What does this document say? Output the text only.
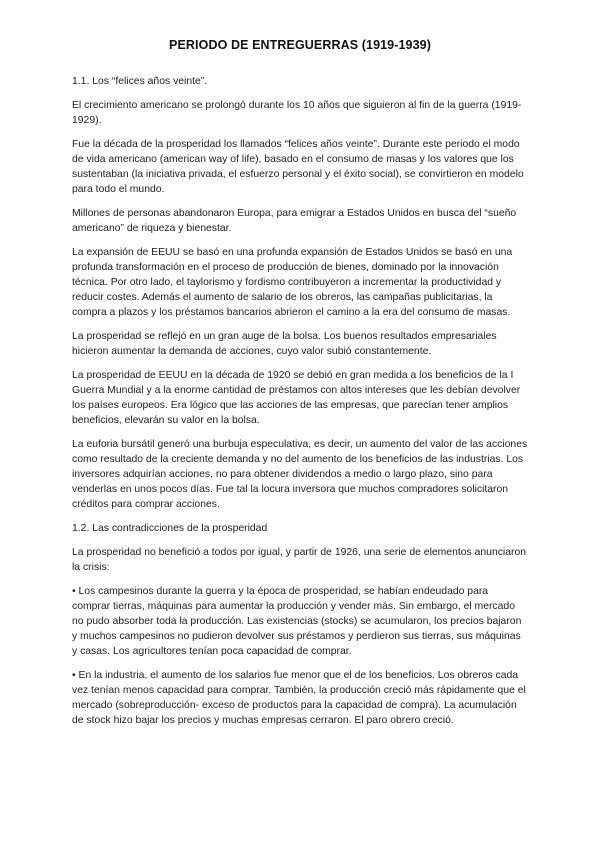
PERIODO DE ENTREGUERRAS (1919-1939)

1.1. Los “felices años veinte”.

El crecimiento americano se prolongó durante los 10 años que siguieron al fin de la guerra (1919-1929).

Fue la década de la prosperidad los llamados “felices años veinte”. Durante este periodo el modo de vida americano (american way of life), basado en el consumo de masas y los valores que los sustentaban (la iniciativa privada, el esfuerzo personal y el éxito social), se convirtieron en modelo para todo el mundo.

Millones de personas abandonaron Europa, para emigrar a Estados Unidos en busca del “sueño americano” de riqueza y bienestar.

La expansión de EEUU se basó en una profunda expansión de Estados Unidos se basó en una profunda transformación en el proceso de producción de bienes, dominado por la innovación técnica. Por otro lado, el taylorismo y fordismo contribuyeron a incrementar la productividad y reducir costes. Además el aumento de salario de los obreros, las campañas publicitarias, la compra a plazos y los préstamos bancarios abrieron el camino a la era del consumo de masas.

La prosperidad se reflejó en un gran auge de la bolsa. Los buenos resultados empresariales hicieron aumentar la demanda de acciones, cuyo valor subió constantemente.

La prosperidad de EEUU en la década de 1920 se debió en gran medida a los beneficios de la I Guerra Mundial y a la enorme cantidad de préstamos con altos intereses que les debían devolver los países europeos. Era lógico que las acciones de las empresas, que parecían tener amplios beneficios, elevarán su valor en la bolsa.

La euforia bursátil generó una burbuja especulativa, es decir, un aumento del valor de las acciones como resultado de la creciente demanda y no del aumento de los beneficios de las industrias. Los inversores adquirían acciones, no para obtener dividendos a medio o largo plazo, sino para venderlas en unos pocos días. Fue tal la locura inversora que muchos compradores solicitaron créditos para comprar acciones.

1.2. Las contradicciones de la prosperidad

La prosperidad no benefició a todos por igual, y partir de 1926, una serie de elementos anunciaron la crisis:

• Los campesinos durante la guerra y la época de prosperidad, se habían endeudado para comprar tierras, máquinas para aumentar la producción y vender más. Sin embargo, el mercado no pudo absorber toda la producción. Las existencias (stocks) se acumularon, los precios bajaron y muchos campesinos no pudieron devolver sus préstamos y perdieron sus tierras, sus máquinas y casas. Los agricultores tenían poca capacidad de comprar.

• En la industria, el aumento de los salarios fue menor que el de los beneficios. Los obreros cada vez tenían menos capacidad para comprar. También, la producción creció más rápidamente que el mercado (sobreproducción- exceso de productos para la capacidad de compra). La acumulación de stock hizo bajar los precios y muchas empresas cerraron. El paro obrero creció.
